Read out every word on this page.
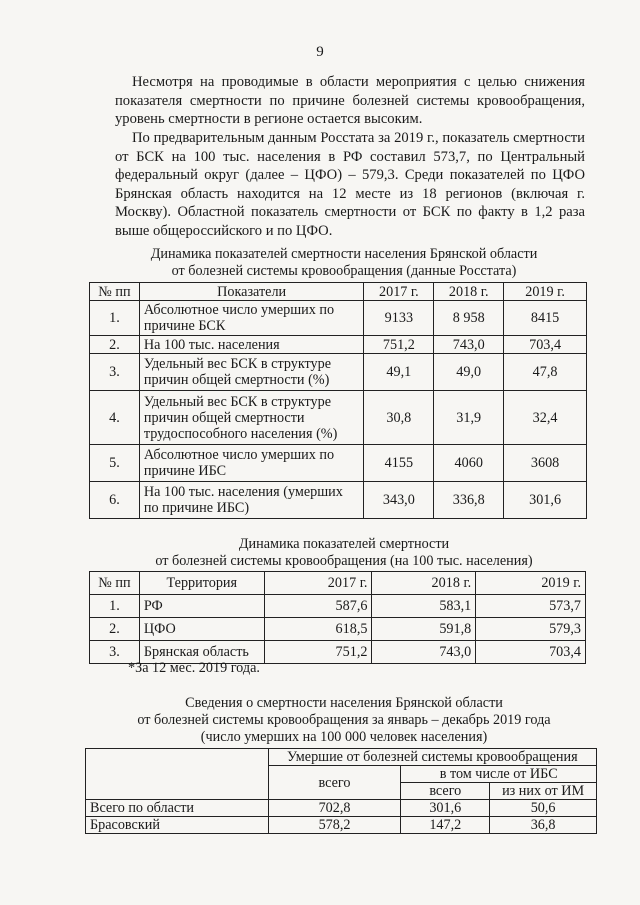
9

Несмотря на проводимые в области мероприятия с целью снижения показателя смертности по причине болезней системы кровообращения, уровень смертности в регионе остается высоким.

По предварительным данным Росстата за 2019 г., показатель смертности от БСК на 100 тыс. населения в РФ составил 573,7, по Центральный федеральный округ (далее – ЦФО) – 579,3. Среди показателей по ЦФО Брянская область находится на 12 месте из 18 регионов (включая г. Москву). Областной показатель смертности от БСК по факту в 1,2 раза выше общероссийского и по ЦФО.

Динамика показателей смертности населения Брянской области
от болезней системы кровообращения (данные Росстата)

№ пп	Показатели	2017 г.	2018 г.	2019 г.
1.	Абсолютное число умерших по причине БСК	9133	8 958	8415
2.	На 100 тыс. населения	751,2	743,0	703,4
3.	Удельный вес БСК в структуре причин общей смертности (%)	49,1	49,0	47,8
4.	Удельный вес БСК в структуре причин общей смертности трудоспособного населения (%)	30,8	31,9	32,4
5.	Абсолютное число умерших по причине ИБС	4155	4060	3608
6.	На 100 тыс. населения (умерших по причине ИБС)	343,0	336,8	301,6

Динамика показателей смертности
от болезней системы кровообращения (на 100 тыс. населения)

№ пп	Территория	2017 г.	2018 г.	2019 г.
1.	РФ	587,6	583,1	573,7
2.	ЦФО	618,5	591,8	579,3
3.	Брянская область	751,2	743,0	703,4
*За 12 мес. 2019 года.

Сведения о смертности населения Брянской области
от болезней системы кровообращения за январь – декабрь 2019 года
(число умерших на 100 000 человек населения)

	Умершие от болезней системы кровообращения		
	всего	в том числе от ИБС	
		всего	из них от ИМ
Всего по области	702,8	301,6	50,6
Брасовский	578,2	147,2	36,8
